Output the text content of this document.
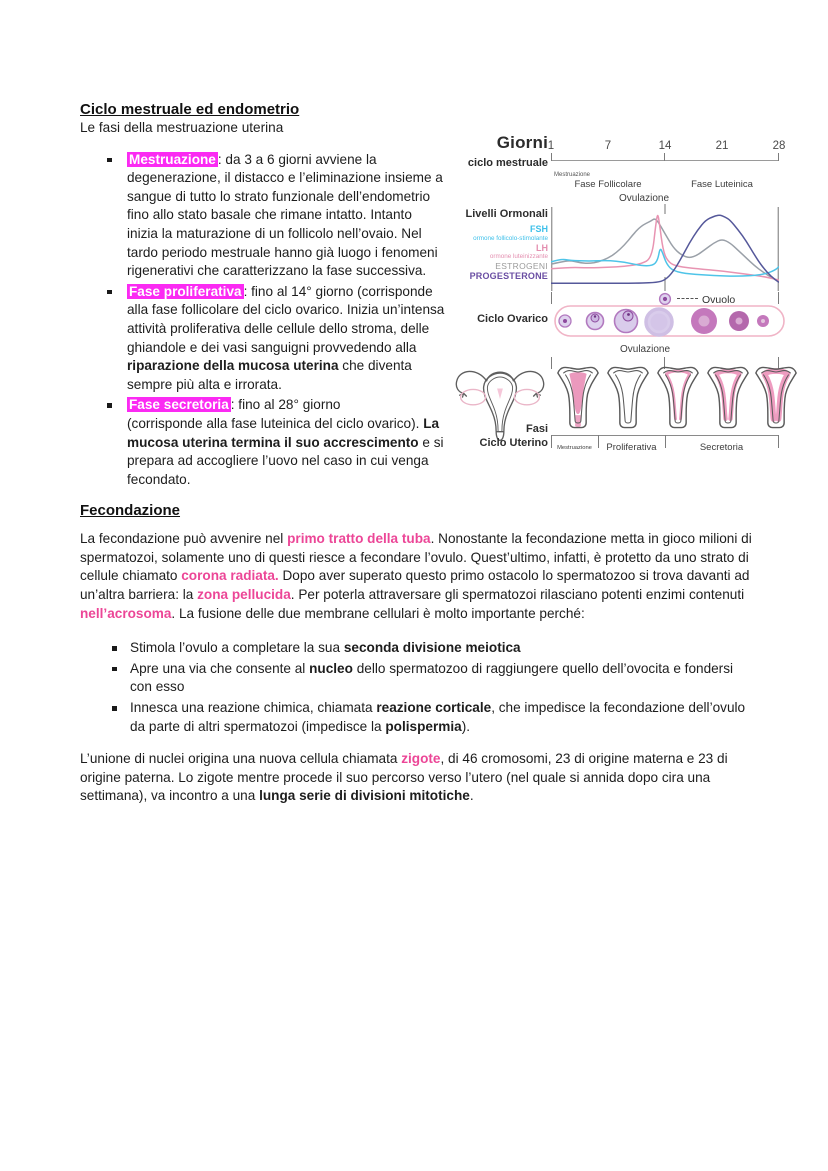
Ciclo mestruale ed endometrio

Le fasi della mestruazione uterina

Mestruazione : da 3 a 6 giorni avviene la degenerazione, il distacco e l’eliminazione insieme a sangue di tutto lo strato funzionale dell’endometrio fino allo stato basale che rimane intatto. Intanto inizia la maturazione di un follicolo nell’ovaio. Nel tardo periodo mestruale hanno già luogo i fenomeni rigenerativi che caratterizzano la fase successiva.
Fase proliferativa : fino al 14° giorno (corrisponde alla fase follicolare del ciclo ovarico. Inizia un’intensa attività proliferativa delle cellule dello stroma, delle ghiandole e dei vasi sanguigni provvedendo alla riparazione della mucosa uterina che diventa sempre più alta e irrorata.
Fase secretoria : fino al 28° giorno
(corrisponde alla fase luteinica del ciclo ovarico). La mucosa uterina termina il suo accrescimento e si prepara ad accogliere l’uovo nel caso in cui venga fecondato.
Fecondazione

La fecondazione può avvenire nel primo tratto della tuba. Nonostante la fecondazione metta in gioco milioni di spermatozoi, solamente uno di questi riesce a fecondare l’ovulo. Quest’ultimo, infatti, è protetto da uno strato di cellule chiamato corona radiata. Dopo aver superato questo primo ostacolo lo spermatozoo si trova davanti ad un’altra barriera: la zona pellucida. Per poterla attraversare gli spermatozoi rilasciano potenti enzimi contenuti nell’acrosoma. La fusione delle due membrane cellulari è molto importante perché:

Stimola l’ovulo a completare la sua seconda divisione meiotica
Apre una via che consente al nucleo dello spermatozoo di raggiungere quello dell’ovocita e fondersi con esso
Innesca una reazione chimica, chiamata reazione corticale, che impedisce la fecondazione dell’ovulo da parte di altri spermatozoi (impedisce la polispermia).

L’unione di nuclei origina una nuova cellula chiamata zigote, di 46 cromosomi, 23 di origine materna e 23 di origine paterna. Lo zigote mentre procede il suo percorso verso l’utero (nel quale si annida dopo cira una settimana), va incontro a una lunga serie di divisioni mitotiche.

Giorni
ciclo mestruale
1	7	14	21	28
Mestruazione
Fase Follicolare	Fase Luteinica
Ovulazione
Livelli Ormonali
FSH
ormone follicolo-stimolante
LH
ormone luteinizzante
ESTROGENI
PROGESTERONE
Ovuolo
Ciclo Ovarico
Ovulazione
Fasi
Ciclo Uterino	Mestruazione	Proliferativa	Secretoria
